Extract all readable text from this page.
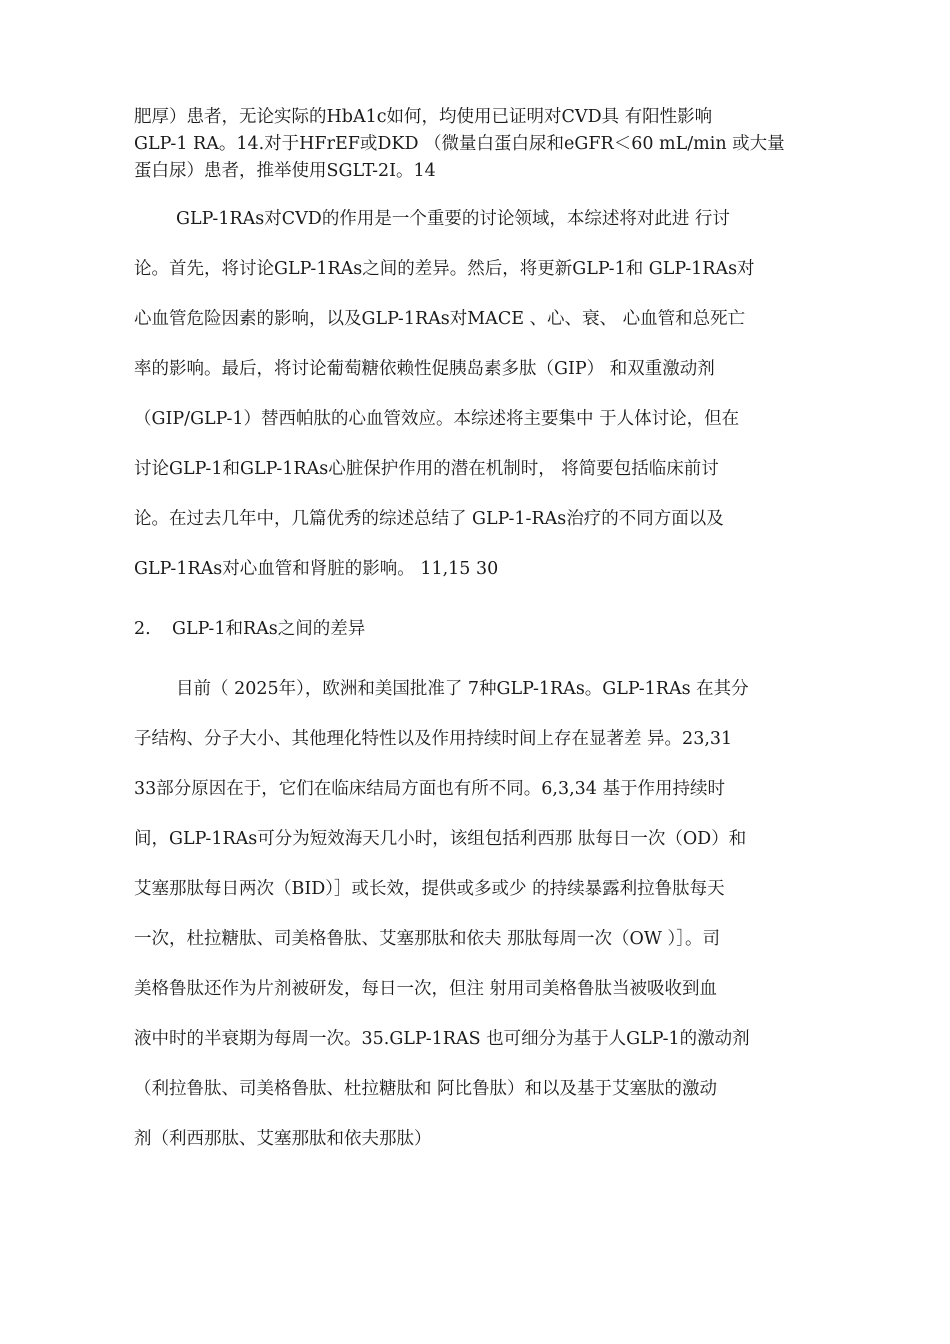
肥厚）患者，无论实际的HbA1c如何，均使用已证明对CVD具 有阳性影响
GLP-1 RA。14.对于HFrEF或DKD （微量白蛋白尿和eGFR＜60 mL/min 或大量
蛋白尿）患者，推举使用SGLT-2I。14

GLP-1RAs对CVD的作用是一个重要的讨论领域，本综述将对此进 行讨
论。首先，将讨论GLP-1RAs之间的差异。然后，将更新GLP-1和 GLP-1RAs对
心血管危险因素的影响，以及GLP-1RAs对MACE 、心、衰、 心血管和总死亡
率的影响。最后，将讨论葡萄糖依赖性促胰岛素多肽（GIP） 和双重激动剂
（GIP/GLP-1）替西帕肽的心血管效应。本综述将主要集中 于人体讨论，但在
讨论GLP-1和GLP-1RAs心脏保护作用的潜在机制时， 将简要包括临床前讨
论。在过去几年中，几篇优秀的综述总结了 GLP-1-RAs治疗的不同方面以及
GLP-1RAs对心血管和肾脏的影响。 11,15 30

2. GLP-1和RAs之间的差异

目前（ 2025年），欧洲和美国批准了 7种GLP-1RAs。GLP-1RAs 在其分
子结构、分子大小、其他理化特性以及作用持续时间上存在显著差 异。23,31
33部分原因在于，它们在临床结局方面也有所不同。6,3,34 基于作用持续时
间，GLP-1RAs可分为短效海天几小时，该组包括利西那 肽每日一次（OD）和
艾塞那肽每日两次（BID）］或长效，提供或多或少 的持续暴露利拉鲁肽每天
一次，杜拉糖肽、司美格鲁肽、艾塞那肽和依夫 那肽每周一次（OW ）］。司
美格鲁肽还作为片剂被研发，每日一次，但注 射用司美格鲁肽当被吸收到血
液中时的半衰期为每周一次。35.GLP-1RAS 也可细分为基于人GLP-1的激动剂
（利拉鲁肽、司美格鲁肽、杜拉糖肽和 阿比鲁肽）和以及基于艾塞肽的激动
剂（利西那肽、艾塞那肽和依夫那肽）
